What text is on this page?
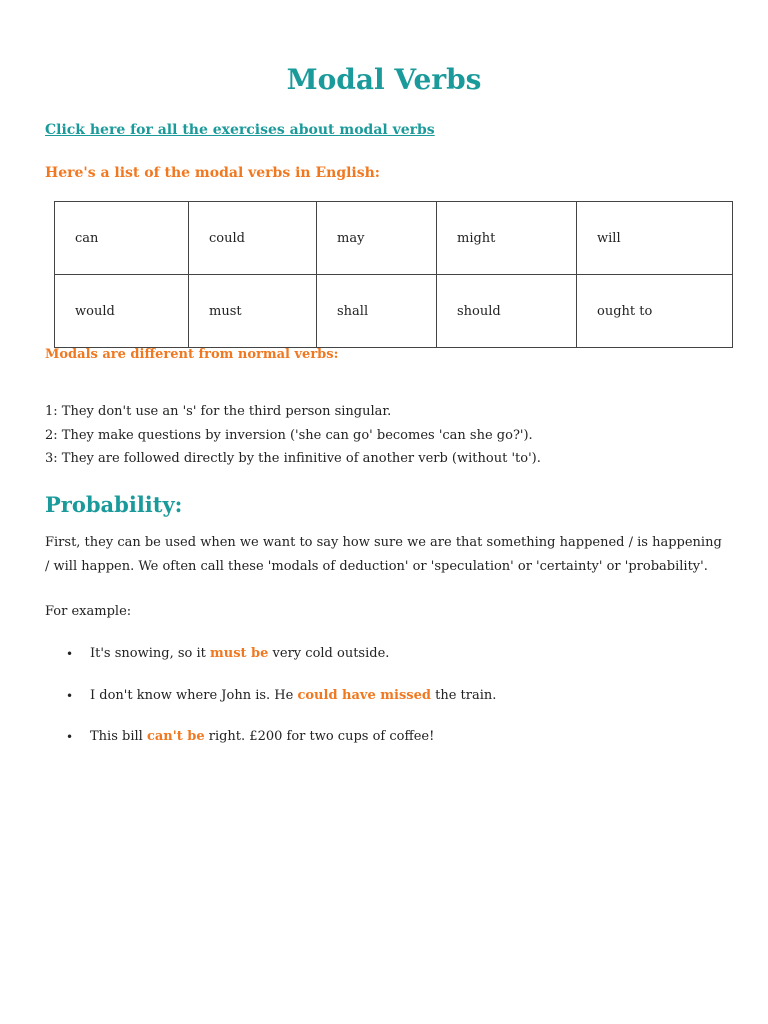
Modal Verbs
Click here for all the exercises about modal verbs
Here's a list of the modal verbs in English:
can	could	may	might	will
would	must	shall	should	ought to
Modals are different from normal verbs:
1: They don't use an 's' for the third person singular.
2: They make questions by inversion ('she can go' becomes 'can she go?').
3: They are followed directly by the infinitive of another verb (without 'to').
Probability:
First, they can be used when we want to say how sure we are that something happened / is happening / will happen. We often call these 'modals of deduction' or 'speculation' or 'certainty' or 'probability'.
For example:
• It's snowing, so it must be very cold outside.
• I don't know where John is. He could have missed the train.
• This bill can't be right. £200 for two cups of coffee!
